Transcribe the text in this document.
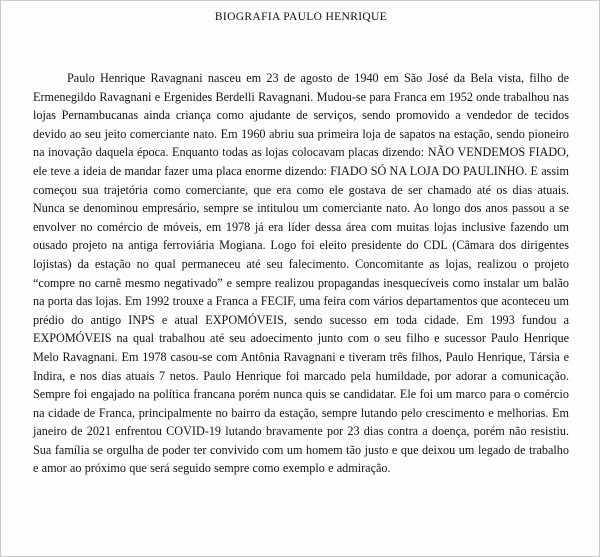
BIOGRAFIA PAULO HENRIQUE
Paulo Henrique Ravagnani nasceu em 23 de agosto de 1940 em São José da Bela vista, filho de Ermenegildo Ravagnani e Ergenides Berdelli Ravagnani. Mudou-se para Franca em 1952 onde trabalhou nas lojas Pernambucanas ainda criança como ajudante de serviços, sendo promovido a vendedor de tecidos devido ao seu jeito comerciante nato. Em 1960 abriu sua primeira loja de sapatos na estação, sendo pioneiro na inovação daquela época. Enquanto todas as lojas colocavam placas dizendo: NÃO VENDEMOS FIADO, ele teve a ideia de mandar fazer uma placa enorme dizendo: FIADO SÓ NA LOJA DO PAULINHO. E assim começou sua trajetória como comerciante, que era como ele gostava de ser chamado até os dias atuais. Nunca se denominou empresário, sempre se intitulou um comerciante nato. Ao longo dos anos passou a se envolver no comércio de móveis, em 1978 já era líder dessa área com muitas lojas inclusive fazendo um ousado projeto na antiga ferroviária Mogiana. Logo foi eleito presidente do CDL (Câmara dos dirigentes lojistas) da estação no qual permaneceu até seu falecimento. Concomitante as lojas, realizou o projeto “compre no carnê mesmo negativado” e sempre realizou propagandas inesquecíveis como instalar um balão na porta das lojas. Em 1992 trouxe a Franca a FECIF, uma feira com vários departamentos que aconteceu um prédio do antigo INPS e atual EXPOMÓVEIS, sendo sucesso em toda cidade. Em 1993 fundou a EXPOMÓVEIS na qual trabalhou até seu adoecimento junto com o seu filho e sucessor Paulo Henrique Melo Ravagnani. Em 1978 casou-se com Antônia Ravagnani e tiveram três filhos, Paulo Henrique, Társia e Indira, e nos dias atuais 7 netos. Paulo Henrique foi marcado pela humildade, por adorar a comunicação. Sempre foi engajado na política francana porém nunca quis se candidatar. Ele foi um marco para o comércio na cidade de Franca, principalmente no bairro da estação, sempre lutando pelo crescimento e melhorias. Em janeiro de 2021 enfrentou COVID-19 lutando bravamente por 23 dias contra a doença, porém não resistiu. Sua família se orgulha de poder ter convivido com um homem tão justo e que deixou um legado de trabalho e amor ao próximo que será seguido sempre como exemplo e admiração.
